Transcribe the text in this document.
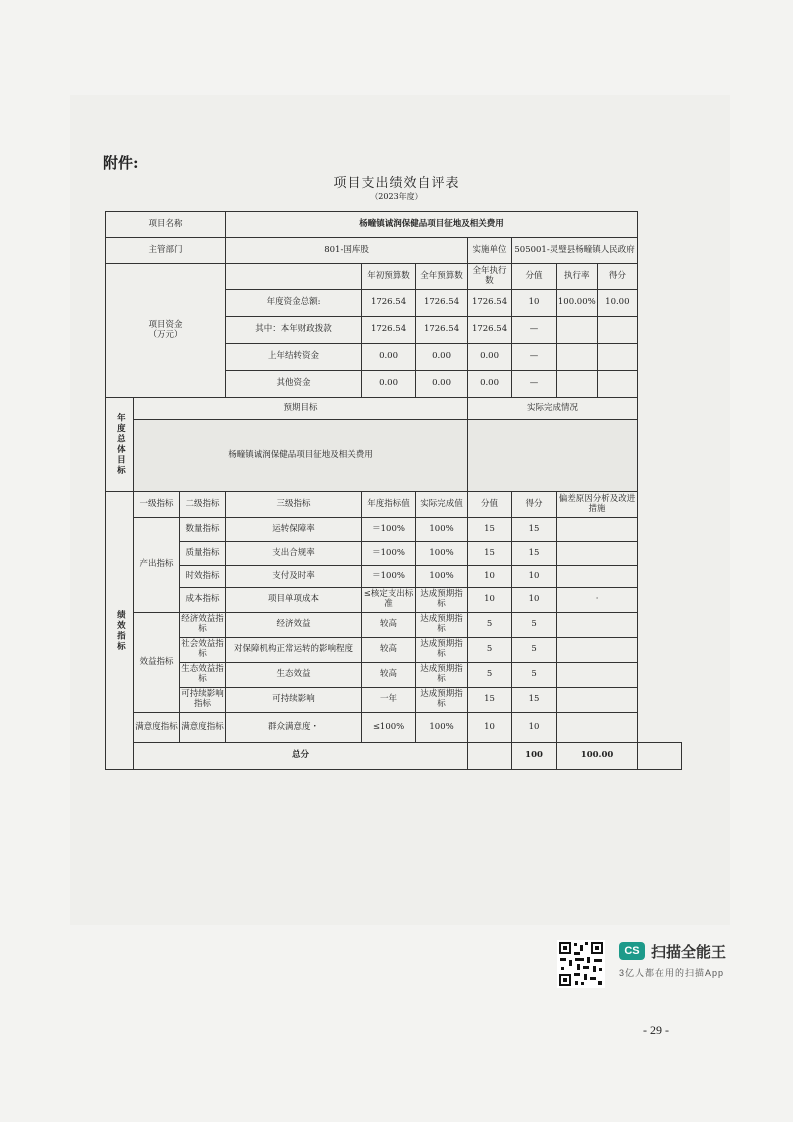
附件:
项目支出绩效自评表
（2023年度）
项目名称			杨疃镇诚润保健品项目征地及相关费用						
主管部门			801-国库股			实施单位	505001-灵璧县杨疃镇人民政府		

项目资金
（万元）				年初预算数	全年预算数	全年执行数	分值	执行率 得分	

			年度资金总额:	1726.54	1726.54	1726.54	10	100.00% 10.00	

			其中：本年财政拨款	1726.54	1726.54	1726.54	—		

			上年结转资金	0.00	0.00	0.00	—		

			其他资金	0.00	0.00	0.00	—		

年度总体目标	预期目标					实际完成情况			
	杨疃镇诚润保健品项目征地及相关费用								
绩效指标	一级指标	二级指标	三级指标	年度指标值	实际完成值	分值	得分	偏差原因分析及改进措施	
	产出指标	数量指标	运转保障率	＝100%	100%	15	15		
		质量指标	支出合规率	＝100%	100%	15	15		
		时效指标	支付及时率	＝100%	100%	10	10		
		成本指标	项目单项成本	≤核定支出标准	达成预期指标	10	10	·	
	效益指标	经济效益指标	经济效益	较高	达成预期指标	5	5		
		社会效益指标	对保障机构正常运转的影响程度	较高	达成预期指标	5	5		
		生态效益指标	生态效益	较高	达成预期指标	5	5		
		可持续影响指标	可持续影响	一年	达成预期指标	15	15		
	满意度指标	满意度指标	群众满意度・	≤100%	100%	10	10		
	总分						100	100.00	
CS 扫描全能王
3亿人都在用的扫描App
- 29 -
